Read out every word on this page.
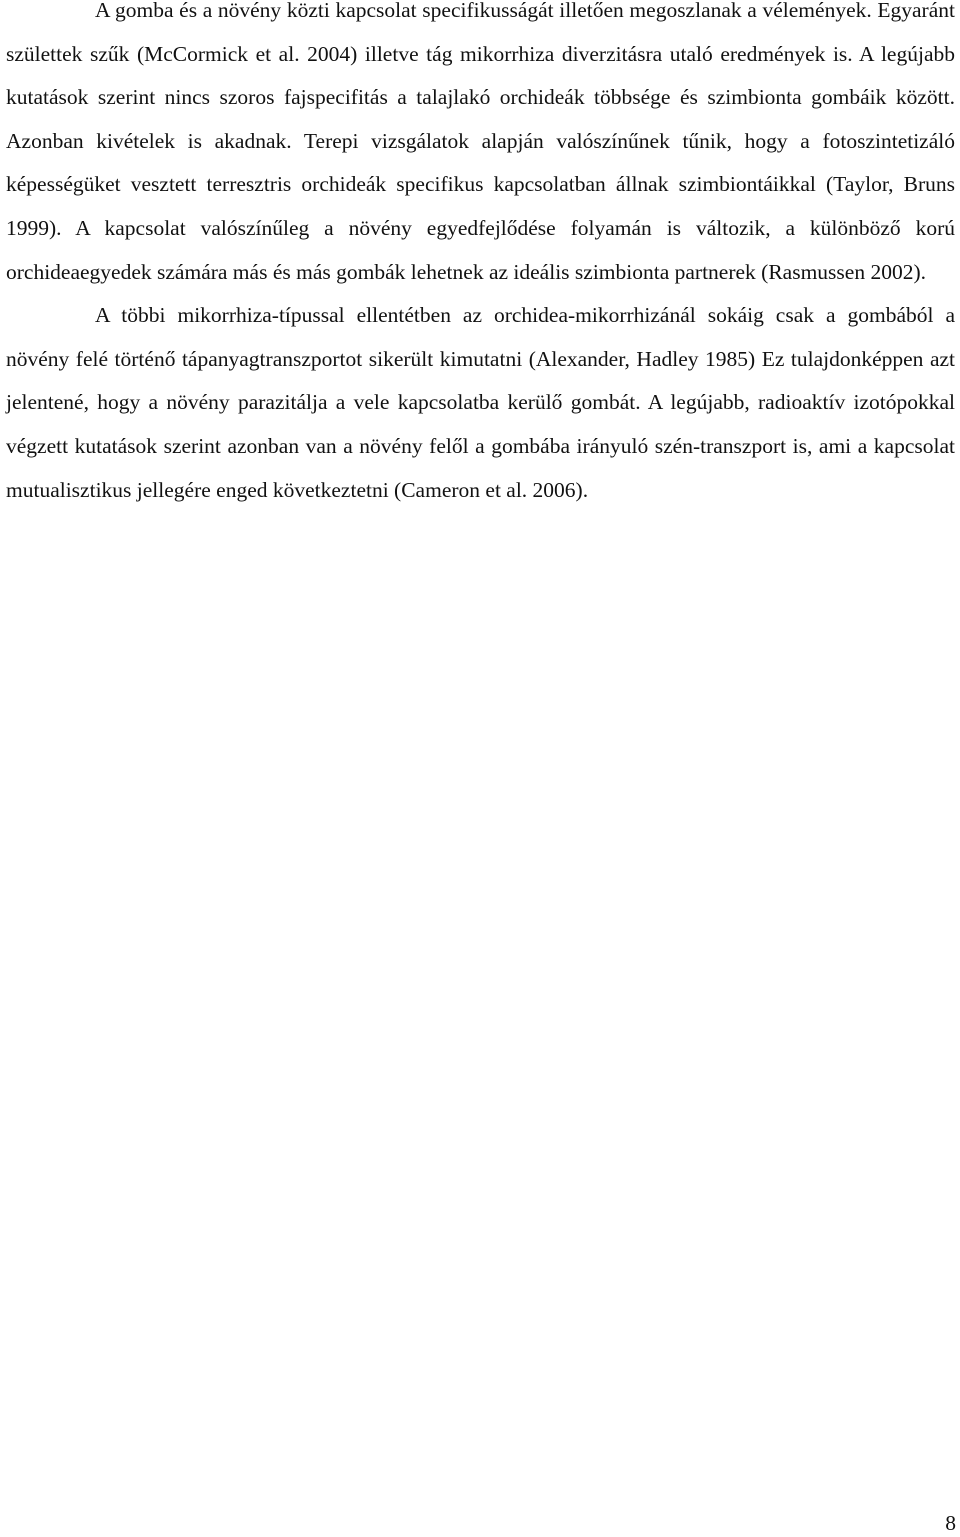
A gomba és a növény közti kapcsolat specifikusságát illetően megoszlanak a vélemények. Egyaránt születtek szűk (McCormick et al. 2004) illetve tág mikorrhiza diverzitásra utaló eredmények is. A legújabb kutatások szerint nincs szoros fajspecifitás a talajlakó orchideák többsége és szimbionta gombáik között. Azonban kivételek is akadnak. Terepi vizsgálatok alapján valószínűnek tűnik, hogy a fotoszintetizáló képességüket vesztett terresztris orchideák specifikus kapcsolatban állnak szimbiontáikkal (Taylor, Bruns 1999). A kapcsolat valószínűleg a növény egyedfejlődése folyamán is változik, a különböző korú orchideaegyedek számára más és más gombák lehetnek az ideális szimbionta partnerek (Rasmussen 2002).

A többi mikorrhiza-típussal ellentétben az orchidea-mikorrhizánál sokáig csak a gombából a növény felé történő tápanyagtranszportot sikerült kimutatni (Alexander, Hadley 1985) Ez tulajdonképpen azt jelentené, hogy a növény parazitálja a vele kapcsolatba kerülő gombát. A legújabb, radioaktív izotópokkal végzett kutatások szerint azonban van a növény felől a gombába irányuló szén-transzport is, ami a kapcsolat mutualisztikus jellegére enged következtetni (Cameron et al. 2006).

8
